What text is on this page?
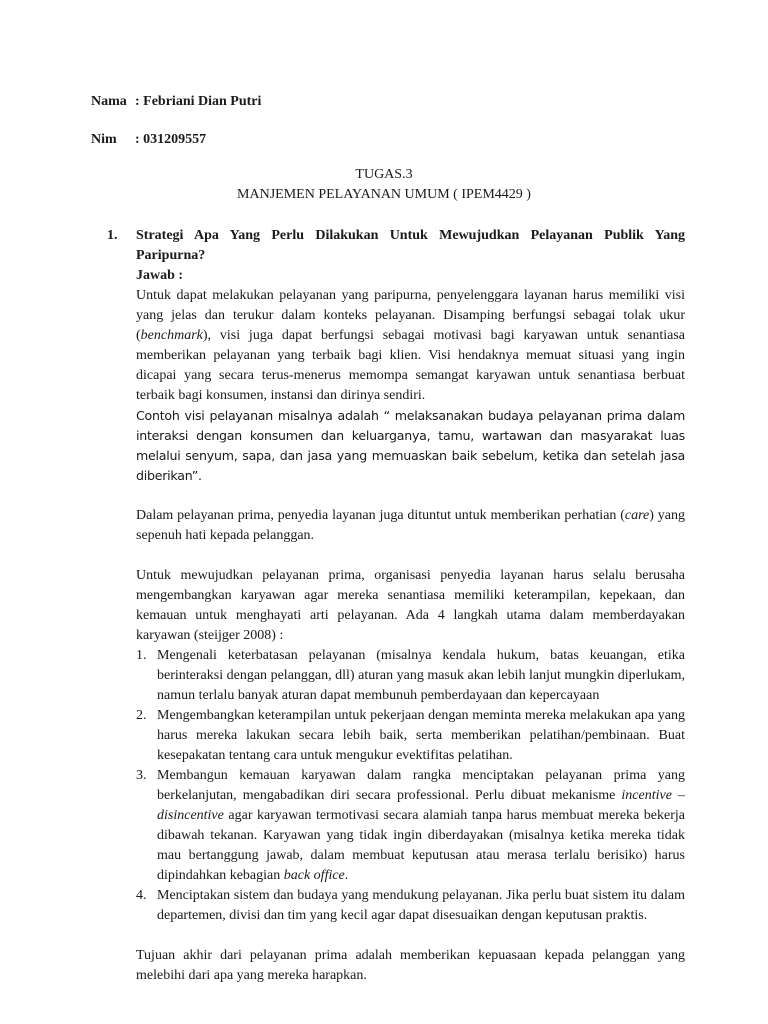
Nama : Febriani Dian Putri
Nim : 031209557
TUGAS.3
MANJEMEN PELAYANAN UMUM ( IPEM4429 )
1. Strategi Apa Yang Perlu Dilakukan Untuk Mewujudkan Pelayanan Publik Yang Paripurna?
Jawab :

Untuk dapat melakukan pelayanan yang paripurna, penyelenggara layanan harus memiliki visi yang jelas dan terukur dalam konteks pelayanan. Disamping berfungsi sebagai tolak ukur (benchmark), visi juga dapat berfungsi sebagai motivasi bagi karyawan untuk senantiasa memberikan pelayanan yang terbaik bagi klien. Visi hendaknya memuat situasi yang ingin dicapai yang secara terus-menerus memompa semangat karyawan untuk senantiasa berbuat terbaik bagi konsumen, instansi dan dirinya sendiri.

Contoh visi pelayanan misalnya adalah “ melaksanakan budaya pelayanan prima dalam interaksi dengan konsumen dan keluarganya, tamu, wartawan dan masyarakat luas melalui senyum, sapa, dan jasa yang memuaskan baik sebelum, ketika dan setelah jasa diberikan”.

Dalam pelayanan prima, penyedia layanan juga dituntut untuk memberikan perhatian (care) yang sepenuh hati kepada pelanggan.

Untuk mewujudkan pelayanan prima, organisasi penyedia layanan harus selalu berusaha mengembangkan karyawan agar mereka senantiasa memiliki keterampilan, kepekaan, dan kemauan untuk menghayati arti pelayanan. Ada 4 langkah utama dalam memberdayakan karyawan (steijger 2008) :

1. Mengenali keterbatasan pelayanan (misalnya kendala hukum, batas keuangan, etika berinteraksi dengan pelanggan, dll) aturan yang masuk akan lebih lanjut mungkin diperlukam, namun terlalu banyak aturan dapat membunuh pemberdayaan dan kepercayaan
2. Mengembangkan keterampilan untuk pekerjaan dengan meminta mereka melakukan apa yang harus mereka lakukan secara lebih baik, serta memberikan pelatihan/pembinaan. Buat kesepakatan tentang cara untuk mengukur evektifitas pelatihan.
3. Membangun kemauan karyawan dalam rangka menciptakan pelayanan prima yang berkelanjutan, mengabadikan diri secara professional. Perlu dibuat mekanisme incentive – disincentive agar karyawan termotivasi secara alamiah tanpa harus membuat mereka bekerja dibawah tekanan. Karyawan yang tidak ingin diberdayakan (misalnya ketika mereka tidak mau bertanggung jawab, dalam membuat keputusan atau merasa terlalu berisiko) harus dipindahkan kebagian back office.
4. Menciptakan sistem dan budaya yang mendukung pelayanan. Jika perlu buat sistem itu dalam departemen, divisi dan tim yang kecil agar dapat disesuaikan dengan keputusan praktis.

Tujuan akhir dari pelayanan prima adalah memberikan kepuasaan kepada pelanggan yang melebihi dari apa yang mereka harapkan.
